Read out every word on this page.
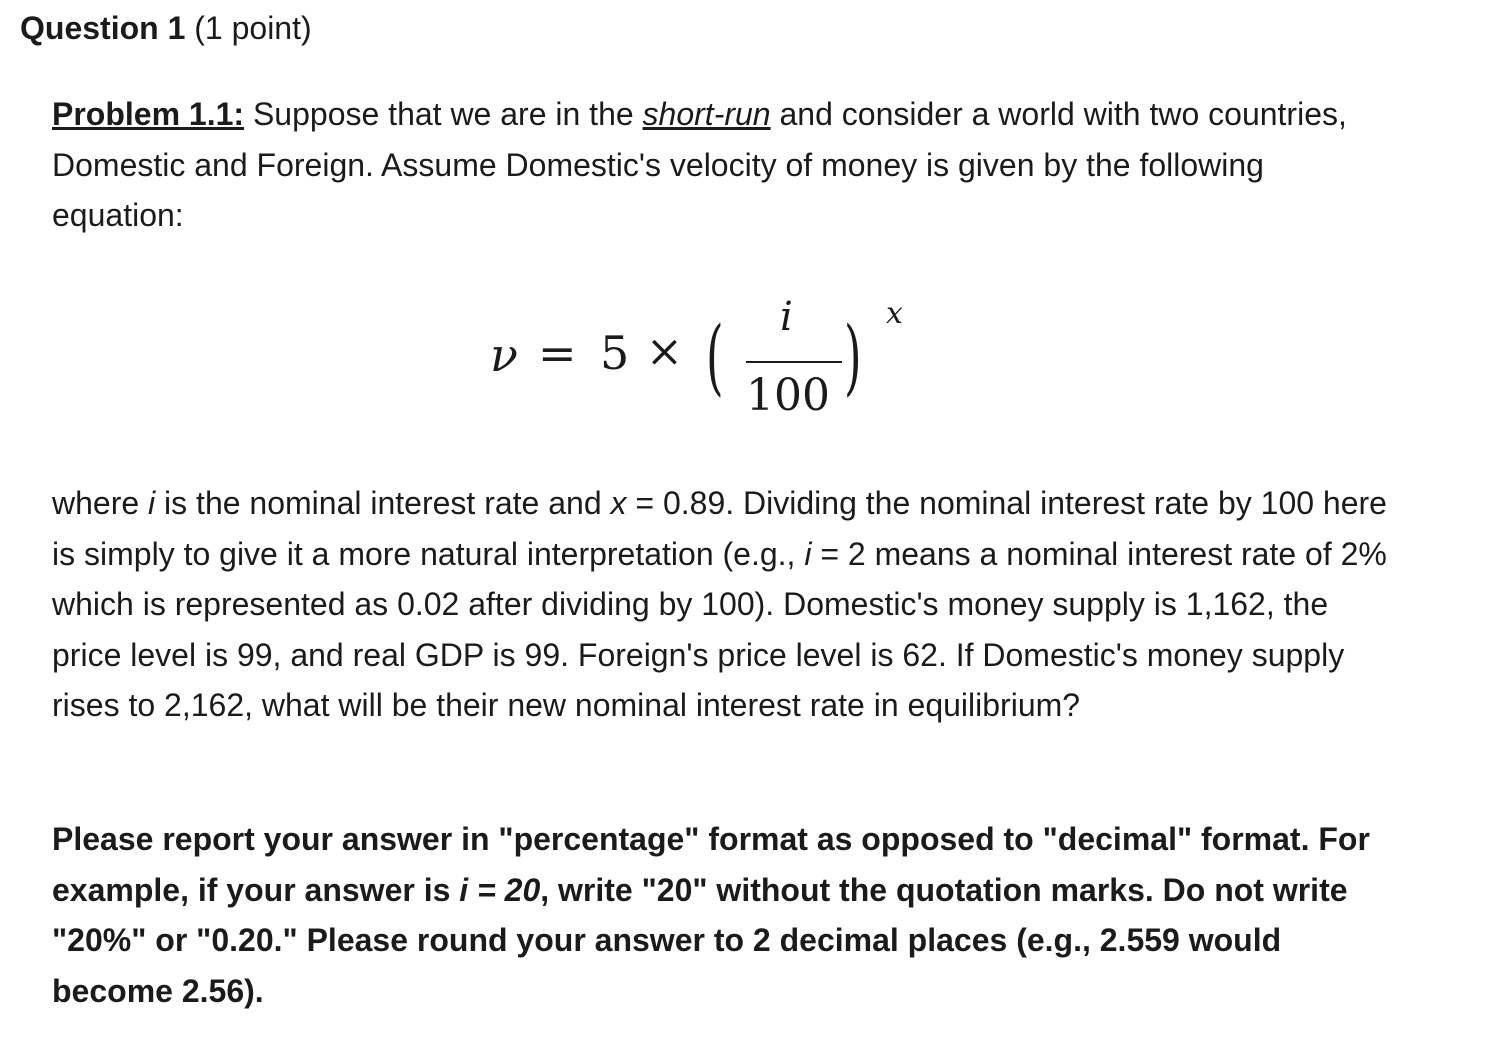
Question 1 (1 point)

Problem 1.1: Suppose that we are in the short-run and consider a world with two countries, Domestic and Foreign. Assume Domestic's velocity of money is given by the following equation:

ν = 5 × ( i
100 ) x

where i is the nominal interest rate and x = 0.89. Dividing the nominal interest rate by 100 here is simply to give it a more natural interpretation (e.g., i = 2 means a nominal interest rate of 2% which is represented as 0.02 after dividing by 100). Domestic's money supply is 1,162, the price level is 99, and real GDP is 99. Foreign's price level is 62. If Domestic's money supply rises to 2,162, what will be their new nominal interest rate in equilibrium?

Please report your answer in "percentage" format as opposed to "decimal" format. For example, if your answer is i = 20, write "20" without the quotation marks. Do not write "20%" or "0.20." Please round your answer to 2 decimal places (e.g., 2.559 would become 2.56).
